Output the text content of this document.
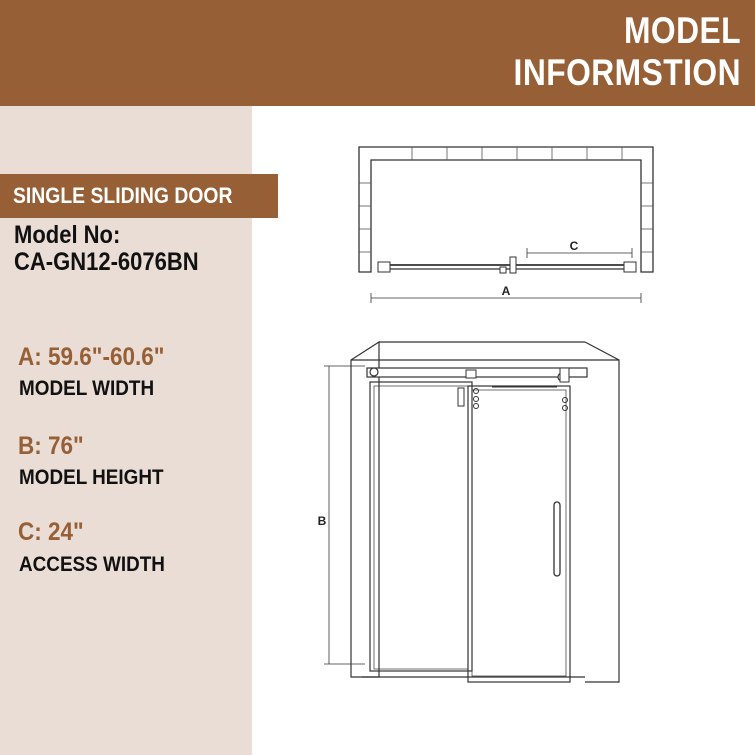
MODEL
INFORMSTION
SINGLE SLIDING DOOR
Model No:
CA-GN12-6076BN
A: 59.6"-60.6"
MODEL WIDTH
B: 76"
MODEL HEIGHT
C: 24"
ACCESS WIDTH
C
A
B
